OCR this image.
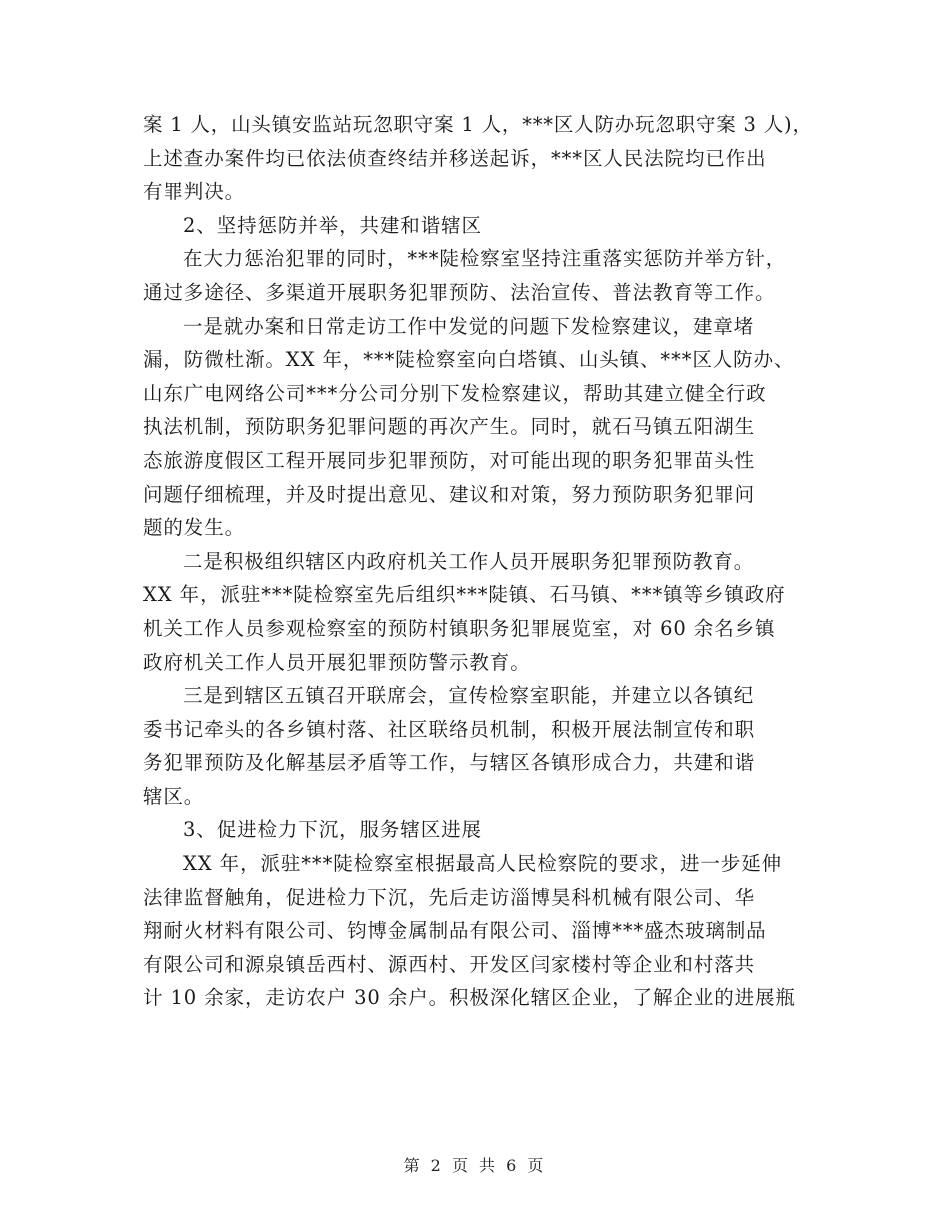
案 1 人，山头镇安监站玩忽职守案 1 人，***区人防办玩忽职守案 3 人)，
上述查办案件均已依法侦查终结并移送起诉，***区人民法院均已作出
有罪判决。
2、坚持惩防并举，共建和谐辖区
在大力惩治犯罪的同时，***陡检察室坚持注重落实惩防并举方针，
通过多途径、多渠道开展职务犯罪预防、法治宣传、普法教育等工作。
一是就办案和日常走访工作中发觉的问题下发检察建议，建章堵
漏，防微杜渐。XX 年，***陡检察室向白塔镇、山头镇、***区人防办、
山东广电网络公司***分公司分别下发检察建议，帮助其建立健全行政
执法机制，预防职务犯罪问题的再次产生。同时，就石马镇五阳湖生
态旅游度假区工程开展同步犯罪预防，对可能出现的职务犯罪苗头性
问题仔细梳理，并及时提出意见、建议和对策，努力预防职务犯罪问
题的发生。
二是积极组织辖区内政府机关工作人员开展职务犯罪预防教育。
XX 年，派驻***陡检察室先后组织***陡镇、石马镇、***镇等乡镇政府
机关工作人员参观检察室的预防村镇职务犯罪展览室，对 60 余名乡镇
政府机关工作人员开展犯罪预防警示教育。
三是到辖区五镇召开联席会，宣传检察室职能，并建立以各镇纪
委书记牵头的各乡镇村落、社区联络员机制，积极开展法制宣传和职
务犯罪预防及化解基层矛盾等工作，与辖区各镇形成合力，共建和谐
辖区。
3、促进检力下沉，服务辖区进展
XX 年，派驻***陡检察室根据最高人民检察院的要求，进一步延伸
法律监督触角，促进检力下沉，先后走访淄博昊科机械有限公司、华
翔耐火材料有限公司、钧博金属制品有限公司、淄博***盛杰玻璃制品
有限公司和源泉镇岳西村、源西村、开发区闫家楼村等企业和村落共
计 10 余家，走访农户 30 余户。积极深化辖区企业，了解企业的进展瓶
第 2 页 共 6 页
